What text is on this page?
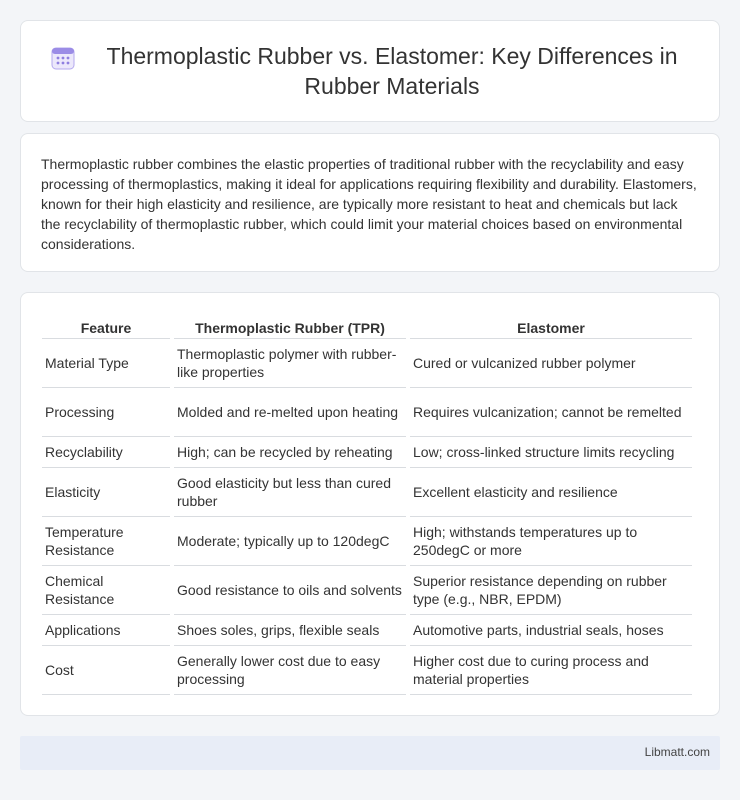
Thermoplastic Rubber vs. Elastomer: Key Differences in Rubber Materials

Thermoplastic rubber combines the elastic properties of traditional rubber with the recyclability and easy processing of thermoplastics, making it ideal for applications requiring flexibility and durability. Elastomers, known for their high elasticity and resilience, are typically more resistant to heat and chemicals but lack the recyclability of thermoplastic rubber, which could limit your material choices based on environmental considerations.

Feature	Thermoplastic Rubber (TPR)	Elastomer
Material Type	Thermoplastic polymer with rubber-like properties	Cured or vulcanized rubber polymer
Processing	Molded and re-melted upon heating	Requires vulcanization; cannot be remelted
Recyclability	High; can be recycled by reheating	Low; cross-linked structure limits recycling
Elasticity	Good elasticity but less than cured rubber	Excellent elasticity and resilience
Temperature Resistance	Moderate; typically up to 120degC	High; withstands temperatures up to 250degC or more
Chemical Resistance	Good resistance to oils and solvents	Superior resistance depending on rubber type (e.g., NBR, EPDM)
Applications	Shoes soles, grips, flexible seals	Automotive parts, industrial seals, hoses
Cost	Generally lower cost due to easy processing	Higher cost due to curing process and material properties
Libmatt.com
